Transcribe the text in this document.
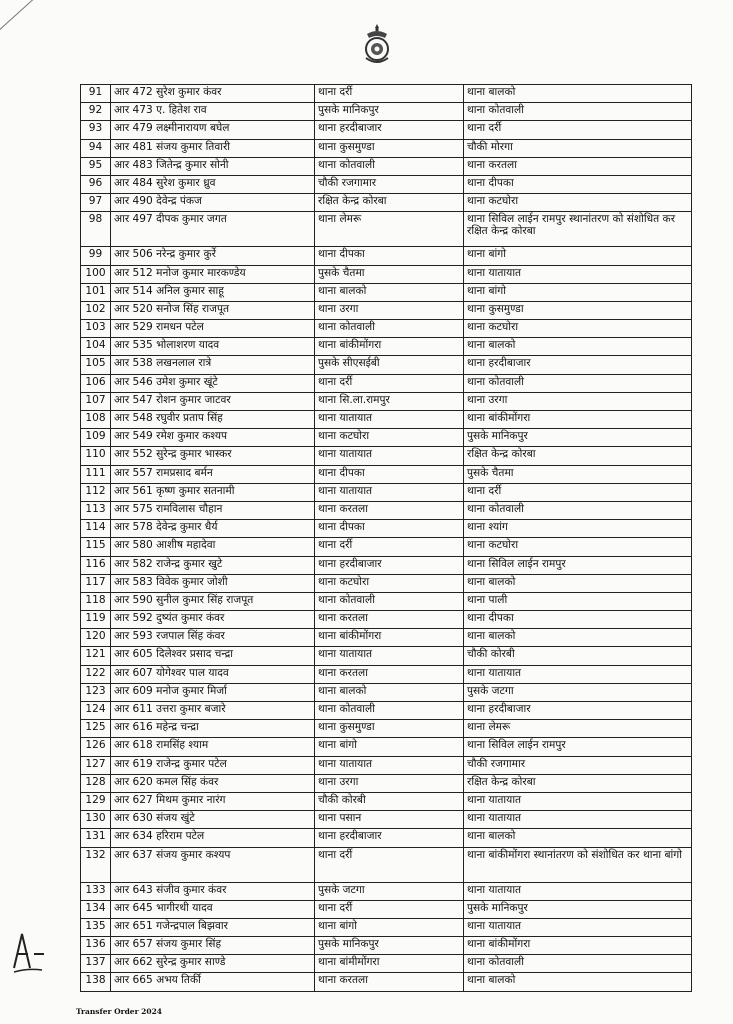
91	आर 472 सुरेश कुमार कंवर	थाना दर्री	थाना बालको
92	आर 473 ए. हितेश राव	पुसके मानिकपुर	थाना कोतवाली
93	आर 479 लक्ष्मीनारायण बघेल	थाना हरदीबाजार	थाना दर्री
94	आर 481 संजय कुमार तिवारी	थाना कुसमुण्डा	चौकी मोरगा
95	आर 483 जितेन्द्र कुमार सोनी	थाना कोतवाली	थाना करतला
96	आर 484 सुरेश कुमार ध्रुव	चौकी रजगामार	थाना दीपका
97	आर 490 देवेन्द्र पंकज	रक्षित केन्द्र कोरबा	थाना कटघोरा
98	आर 497 दीपक कुमार जगत	थाना लेमरू	थाना सिविल लाईन रामपुर स्थानांतरण को संशोधित कर रक्षित केन्द्र कोरबा
99	आर 506 नरेन्द्र कुमार कुर्रे	थाना दीपका	थाना बांगो
100	आर 512 मनोज कुमार मारकण्डेय	पुसके चैतमा	थाना यातायात
101	आर 514 अनिल कुमार साहू	थाना बालको	थाना बांगो
102	आर 520 सनोज सिंह राजपूत	थाना उरगा	थाना कुसमुण्डा
103	आर 529 रामधन पटेल	थाना कोतवाली	थाना कटघोरा
104	आर 535 भोलाशरण यादव	थाना बांकीमोंगरा	थाना बालको
105	आर 538 लखनलाल रात्रे	पुसके सीएसईबी	थाना हरदीबाजार
106	आर 546 उमेश कुमार खूंटे	थाना दर्री	थाना कोतवाली
107	आर 547 रोशन कुमार जाटवर	थाना सि.ला.रामपुर	थाना उरगा
108	आर 548 रघुवीर प्रताप सिंह	थाना यातायात	थाना बांकीमोंगरा
109	आर 549 रमेश कुमार कश्यप	थाना कटघोरा	पुसके मानिकपुर
110	आर 552 सुरेन्द्र कुमार भास्कर	थाना यातायात	रक्षित केन्द्र कोरबा
111	आर 557 रामप्रसाद बर्मन	थाना दीपका	पुसके चैतमा
112	आर 561 कृष्ण कुमार सतनामी	थाना यातायात	थाना दर्री
113	आर 575 रामविलास चौहान	थाना करतला	थाना कोतवाली
114	आर 578 देवेन्द्र कुमार धैर्य	थाना दीपका	थाना श्यांग
115	आर 580 आशीष महादेवा	थाना दर्री	थाना कटघोरा
116	आर 582 राजेन्द्र कुमार खुटे	थाना हरदीबाजार	थाना सिविल लाईन रामपुर
117	आर 583 विवेक कुमार जोशी	थाना कटघोरा	थाना बालको
118	आर 590 सुनील कुमार सिंह राजपूत	थाना कोतवाली	थाना पाली
119	आर 592 दुष्यंत कुमार कंवर	थाना करतला	थाना दीपका
120	आर 593 रजपाल सिंह कंवर	थाना बांकीमोंगरा	थाना बालको
121	आर 605 दिलेश्वर प्रसाद चन्द्रा	थाना यातायात	चौकी कोरबी
122	आर 607 योगेश्वर पाल यादव	थाना करतला	थाना यातायात
123	आर 609 मनोज कुमार मिर्जा	थाना बालको	पुसके जटगा
124	आर 611 उत्तरा कुमार बजारे	थाना कोतवाली	थाना हरदीबाजार
125	आर 616 महेन्द्र चन्द्रा	थाना कुसमुण्डा	थाना लेमरू
126	आर 618 रामसिंह श्याम	थाना बांगो	थाना सिविल लाईन रामपुर
127	आर 619 राजेन्द्र कुमार पटेल	थाना यातायात	चौकी रजगामार
128	आर 620 कमल सिंह कंवर	थाना उरगा	रक्षित केन्द्र कोरबा
129	आर 627 मिथम कुमार नारंग	चौकी कोरबी	थाना यातायात
130	आर 630 संजय खुंटे	थाना पसान	थाना यातायात
131	आर 634 हरिराम पटेल	थाना हरदीबाजार	थाना बालको
132	आर 637 संजय कुमार कश्यप	थाना दर्री	थाना बांकीमोंगरा स्थानांतरण को संशोधित कर थाना बांगो
133	आर 643 संजीव कुमार कंवर	पुसके जटगा	थाना यातायात
134	आर 645 भागीरथी यादव	थाना दर्री	पुसके मानिकपुर
135	आर 651 गजेन्द्रपाल बिझवार	थाना बांगो	थाना यातायात
136	आर 657 संजय कुमार सिंह	पुसके मानिकपुर	थाना बांकीमोंगरा
137	आर 662 सुरेन्द्र कुमार साण्डे	थाना बांमीमोंगरा	थाना कोतवाली
138	आर 665 अभय तिर्की	थाना करतला	थाना बालको
Transfer Order 2024
